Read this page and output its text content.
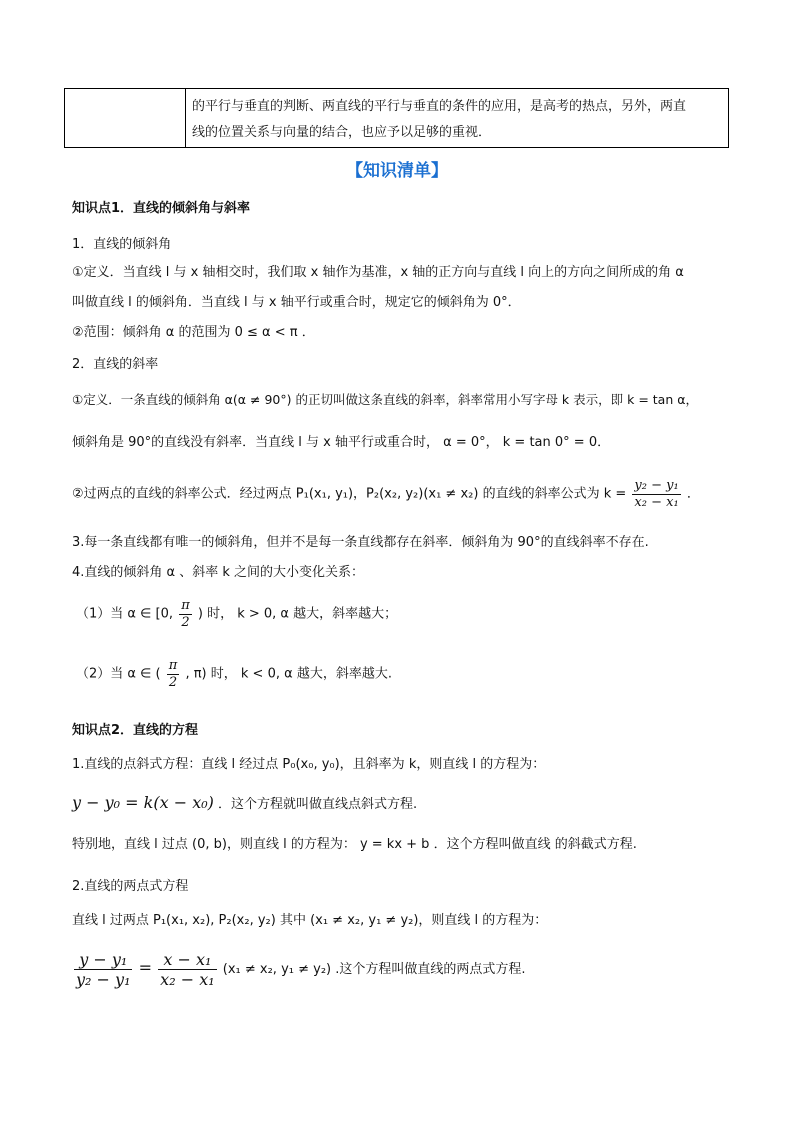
的平行与垂直的判断、两直线的平行与垂直的条件的应用，是高考的热点，另外，两直
线的位置关系与向量的结合，也应予以足够的重视．
【知识清单】
知识点1．直线的倾斜角与斜率
1．直线的倾斜角
①定义．当直线 l 与 x 轴相交时，我们取 x 轴作为基准，x 轴的正方向与直线 l 向上的方向之间所成的角 α
叫做直线 l 的倾斜角．当直线 l 与 x 轴平行或重合时，规定它的倾斜角为 0°．
②范围：倾斜角 α 的范围为 0 ≤ α < π ．
2．直线的斜率
①定义．一条直线的倾斜角 α(α ≠ 90°) 的正切叫做这条直线的斜率，斜率常用小写字母 k 表示，即 k = tan α，
倾斜角是 90°的直线没有斜率．当直线 l 与 x 轴平行或重合时， α = 0°， k = tan 0° = 0．
②过两点的直线的斜率公式．经过两点 P₁(x₁, y₁)，P₂(x₂, y₂)(x₁ ≠ x₂) 的直线的斜率公式为 $k = \frac{\text{y₂ − y₁}}{\text{x₂ − x₁}}$ ．
3.每一条直线都有唯一的倾斜角，但并不是每一条直线都存在斜率．倾斜角为 90°的直线斜率不存在.
4.直线的倾斜角 α 、斜率 k 之间的大小变化关系：
（1）当 α ∈ [0, $\frac{\pi}{2}$ ) 时， k > 0, α 越大，斜率越大；
（2）当 α ∈ ( $\frac{\pi}{2}$ , π) 时， k < 0, α 越大，斜率越大.
知识点2．直线的方程
1.直线的点斜式方程：直线 l 经过点 P₀(x₀, y₀)，且斜率为 k，则直线 l 的方程为：
y − y₀ = k(x − x₀) ．这个方程就叫做直线点斜式方程.
特别地，直线 l 过点 (0, b)，则直线 l 的方程为： y = kx + b ．这个方程叫做直线 的斜截式方程.
2.直线的两点式方程
直线 l 过两点 P₁(x₁, x₂), P₂(x₂, y₂) 其中 (x₁ ≠ x₂, y₁ ≠ y₂)，则直线 l 的方程为：
$\frac{\text{y − y₁}}{\text{y₂ − y₁}} = \frac{\text{x − x₁}}{\text{x₂ − x₁}} (x_1 \ne x_2$, y₁ ≠ y₂) .这个方程叫做直线的两点式方程.
